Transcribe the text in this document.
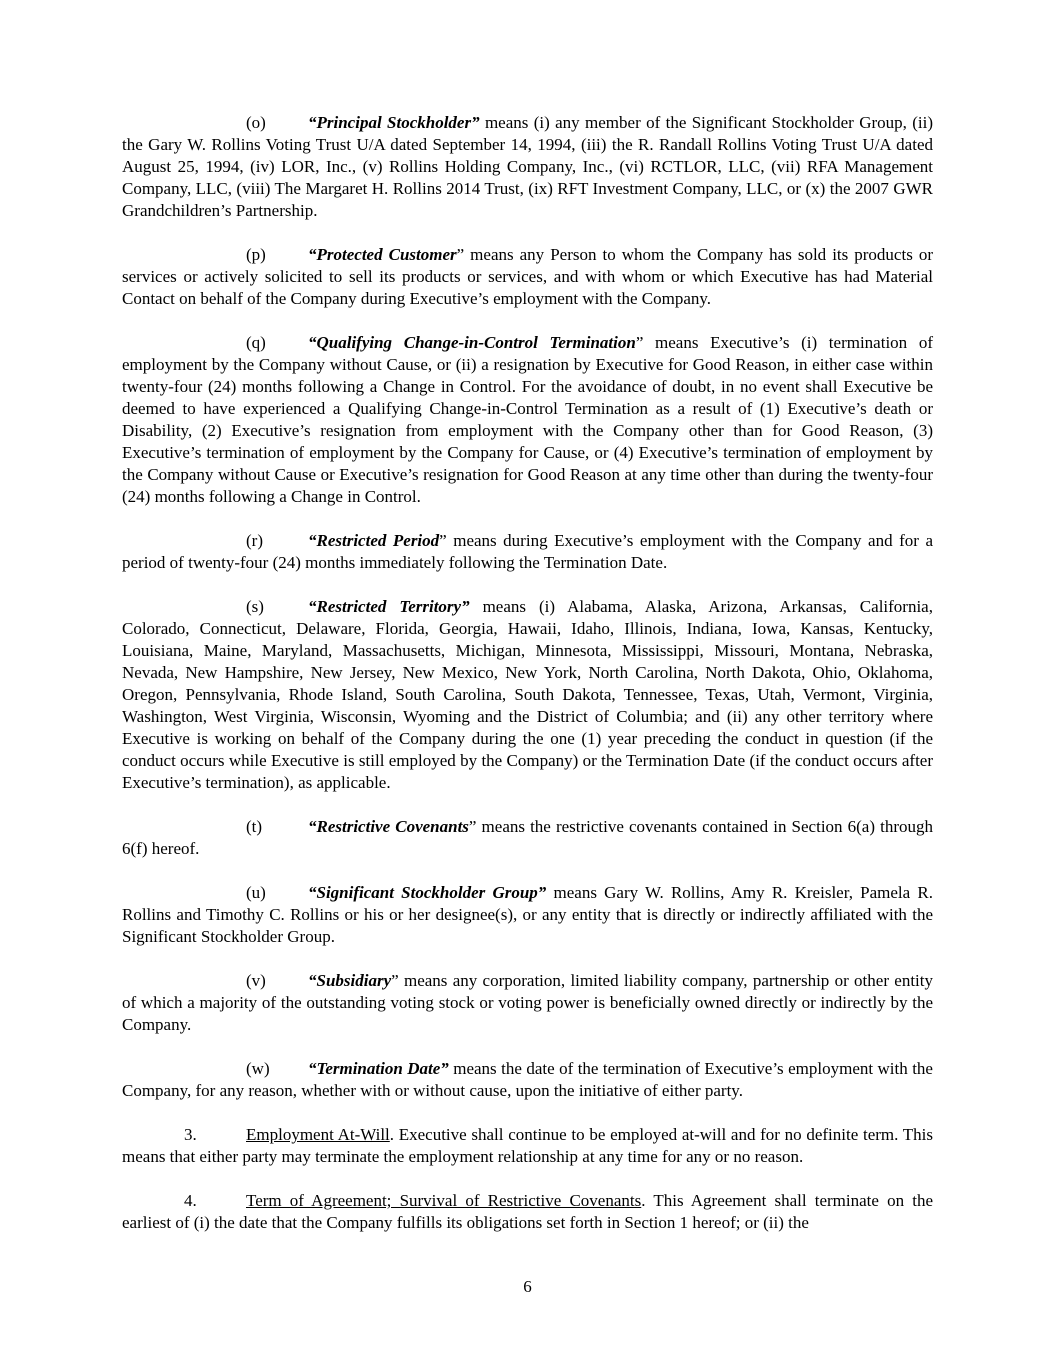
(o) “Principal Stockholder” means (i) any member of the Significant Stockholder Group, (ii) the Gary W. Rollins Voting Trust U/A dated September 14, 1994, (iii) the R. Randall Rollins Voting Trust U/A dated August 25, 1994, (iv) LOR, Inc., (v) Rollins Holding Company, Inc., (vi) RCTLOR, LLC, (vii) RFA Management Company, LLC, (viii) The Margaret H. Rollins 2014 Trust, (ix) RFT Investment Company, LLC, or (x) the 2007 GWR Grandchildren’s Partnership.

(p) “Protected Customer” means any Person to whom the Company has sold its products or services or actively solicited to sell its products or services, and with whom or which Executive has had Material Contact on behalf of the Company during Executive’s employment with the Company.

(q) “Qualifying Change-in-Control Termination” means Executive’s (i) termination of employment by the Company without Cause, or (ii) a resignation by Executive for Good Reason, in either case within twenty-four (24) months following a Change in Control. For the avoidance of doubt, in no event shall Executive be deemed to have experienced a Qualifying Change-in-Control Termination as a result of (1) Executive’s death or Disability, (2) Executive’s resignation from employment with the Company other than for Good Reason, (3) Executive’s termination of employment by the Company for Cause, or (4) Executive’s termination of employment by the Company without Cause or Executive’s resignation for Good Reason at any time other than during the twenty-four (24) months following a Change in Control.

(r)	“Restricted Period” means during Executive’s employment with the Company and for a period of twenty-four (24) months immediately following the Termination Date.

(s)	“Restricted Territory” means (i) Alabama, Alaska, Arizona, Arkansas, California, Colorado, Connecticut, Delaware, Florida, Georgia, Hawaii, Idaho, Illinois, Indiana, Iowa, Kansas, Kentucky, Louisiana, Maine, Maryland, Massachusetts, Michigan, Minnesota, Mississippi, Missouri, Montana, Nebraska, Nevada, New Hampshire, New Jersey, New Mexico, New York, North Carolina, North Dakota, Ohio, Oklahoma, Oregon, Pennsylvania, Rhode Island, South Carolina, South Dakota, Tennessee, Texas, Utah, Vermont, Virginia, Washington, West Virginia, Wisconsin, Wyoming and the District of Columbia; and (ii) any other territory where Executive is working on behalf of the Company during the one (1) year preceding the conduct in question (if the conduct occurs while Executive is still employed by the Company) or the Termination Date (if the conduct occurs after Executive’s termination), as applicable.

(t)	“Restrictive Covenants” means the restrictive covenants contained in Section 6(a) through 6(f) hereof.

(u) “Significant Stockholder Group” means Gary W. Rollins, Amy R. Kreisler, Pamela R. Rollins and Timothy C. Rollins or his or her designee(s), or any entity that is directly or indirectly affiliated with the Significant Stockholder Group.

(v) “Subsidiary” means any corporation, limited liability company, partnership or other entity of which a majority of the outstanding voting stock or voting power is beneficially owned directly or indirectly by the Company.

(w) “Termination Date” means the date of the termination of Executive’s employment with the Company, for any reason, whether with or without cause, upon the initiative of either party.

3.	Employment At-Will. Executive shall continue to be employed at-will and for no definite term. This means that either party may terminate the employment relationship at any time for any or no reason.

4.	Term of Agreement; Survival of Restrictive Covenants. This Agreement shall terminate on the earliest of (i) the date that the Company fulfills its obligations set forth in Section 1 hereof; or (ii) the

6
